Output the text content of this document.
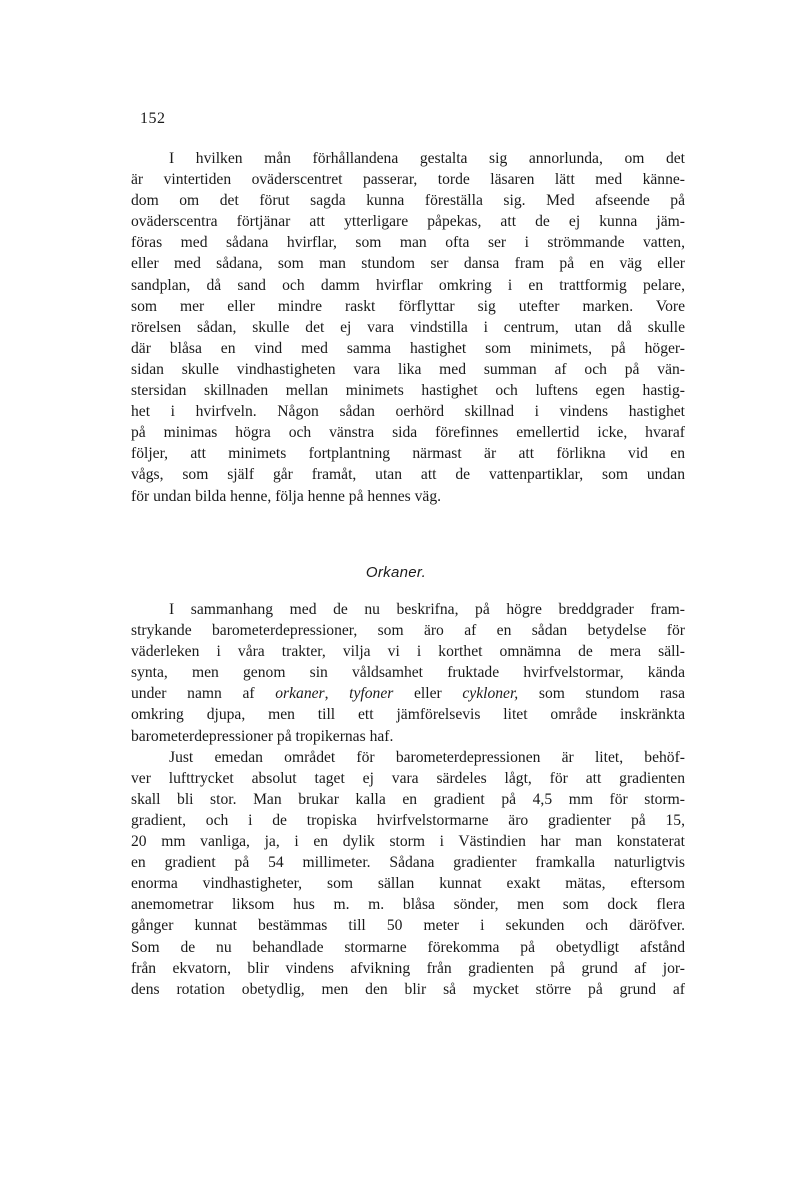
152
I hvilken mån förhållandena gestalta sig annorlunda, om det
är vintertiden oväderscentret passerar, torde läsaren lätt med känne-
dom om det förut sagda kunna föreställa sig. Med afseende på
oväderscentra förtjänar att ytterligare påpekas, att de ej kunna jäm-
föras med sådana hvirflar, som man ofta ser i strömmande vatten,
eller med sådana, som man stundom ser dansa fram på en väg eller
sandplan, då sand och damm hvirflar omkring i en trattformig pelare,
som mer eller mindre raskt förflyttar sig utefter marken. Vore
rörelsen sådan, skulle det ej vara vindstilla i centrum, utan då skulle
där blåsa en vind med samma hastighet som minimets, på höger-
sidan skulle vindhastigheten vara lika med summan af och på vän-
stersidan skillnaden mellan minimets hastighet och luftens egen hastig-
het i hvirfveln. Någon sådan oerhörd skillnad i vindens hastighet
på minimas högra och vänstra sida förefinnes emellertid icke, hvaraf
följer, att minimets fortplantning närmast är att förlikna vid en
vågs, som själf går framåt, utan att de vattenpartiklar, som undan
för undan bilda henne, följa henne på hennes väg.
Orkaner.
I sammanhang med de nu beskrifna, på högre breddgrader fram-
strykande barometerdepressioner, som äro af en sådan betydelse för
väderleken i våra trakter, vilja vi i korthet omnämna de mera säll-
synta, men genom sin våldsamhet fruktade hvirfvelstormar, kända
under namn af orkaner, tyfoner eller cykloner, som stundom rasa
omkring djupa, men till ett jämförelsevis litet område inskränkta
barometerdepressioner på tropikernas haf.
Just emedan området för barometerdepressionen är litet, behöf-
ver lufttrycket absolut taget ej vara särdeles lågt, för att gradienten
skall bli stor. Man brukar kalla en gradient på 4,5 mm för storm-
gradient, och i de tropiska hvirfvelstormarne äro gradienter på 15,
20 mm vanliga, ja, i en dylik storm i Västindien har man konstaterat
en gradient på 54 millimeter. Sådana gradienter framkalla naturligtvis
enorma vindhastigheter, som sällan kunnat exakt mätas, eftersom
anemometrar liksom hus m. m. blåsa sönder, men som dock flera
gånger kunnat bestämmas till 50 meter i sekunden och däröfver.
Som de nu behandlade stormarne förekomma på obetydligt afstånd
från ekvatorn, blir vindens afvikning från gradienten på grund af jor-
dens rotation obetydlig, men den blir så mycket större på grund af
